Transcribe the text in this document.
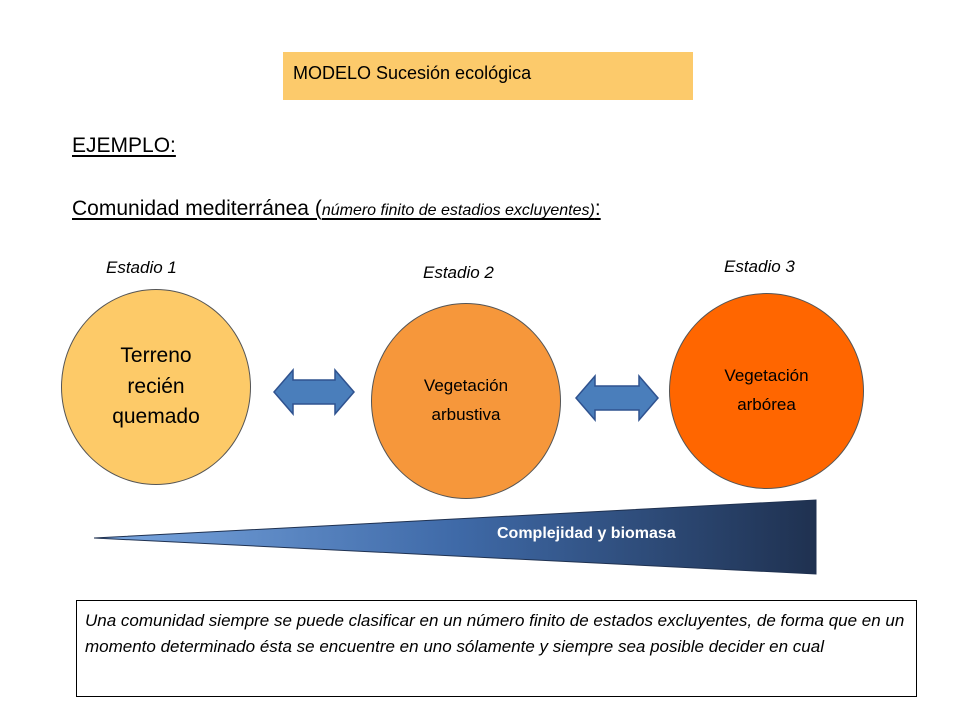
MODELO Sucesión ecológica
EJEMPLO:
Comunidad mediterránea (número finito de estadios excluyentes):
Estadio 1	Estadio 2	Estadio 3
Terreno
recién
quemado
Vegetación
arbustiva
Vegetación
arbórea
Complejidad y biomasa
Una comunidad siempre se puede clasificar en un número finito de estados excluyentes, de forma que en un momento determinado ésta se encuentre en uno sólamente y siempre sea posible decider en cual
